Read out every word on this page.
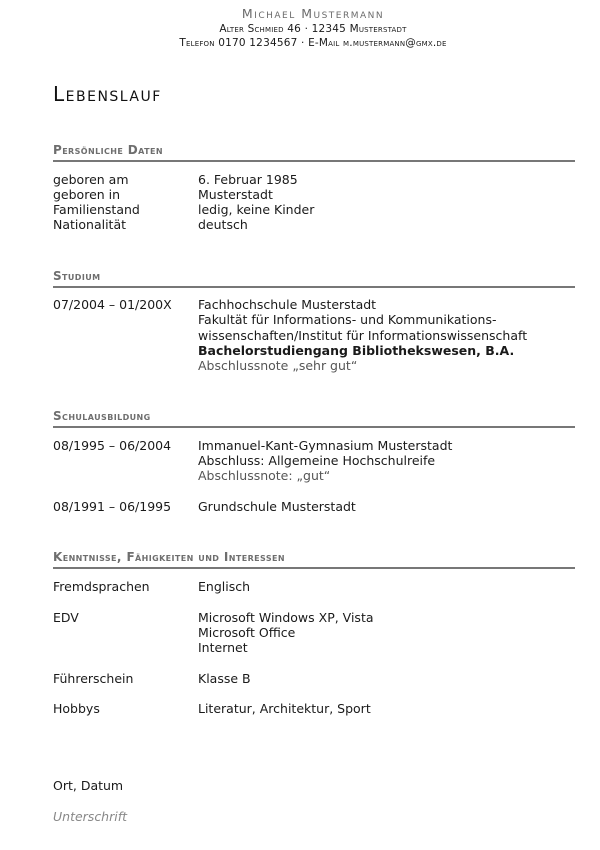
Michael Mustermann
Alter Schmied 46 · 12345 Musterstadt
Telefon 0170 1234567 · E-Mail m.mustermann@gmx.de
Lebenslauf
Persönliche Daten
geboren am	6. Februar 1985
geboren in	Musterstadt
Familienstand	ledig, keine Kinder
Nationalität	deutsch
Studium
07/2004 – 01/200X Fachhochschule Musterstadt
Fakultät für Informations- und Kommunikations-
wissenschaften/Institut für Informationswissenschaft
Bachelorstudiengang Bibliothekswesen, B.A.
Abschlussnote „sehr gut“
Schulausbildung
08/1995 – 06/2004 Immanuel-Kant-Gymnasium Musterstadt
Abschluss: Allgemeine Hochschulreife
Abschlussnote: „gut“
08/1991 – 06/1995 Grundschule Musterstadt
Kenntnisse, Fähigkeiten und Interessen
Fremdsprachen	Englisch
EDV	Microsoft Windows XP, Vista
Microsoft Office
Internet
Führerschein	Klasse B
Hobbys	Literatur, Architektur, Sport
Ort, Datum
Unterschrift
